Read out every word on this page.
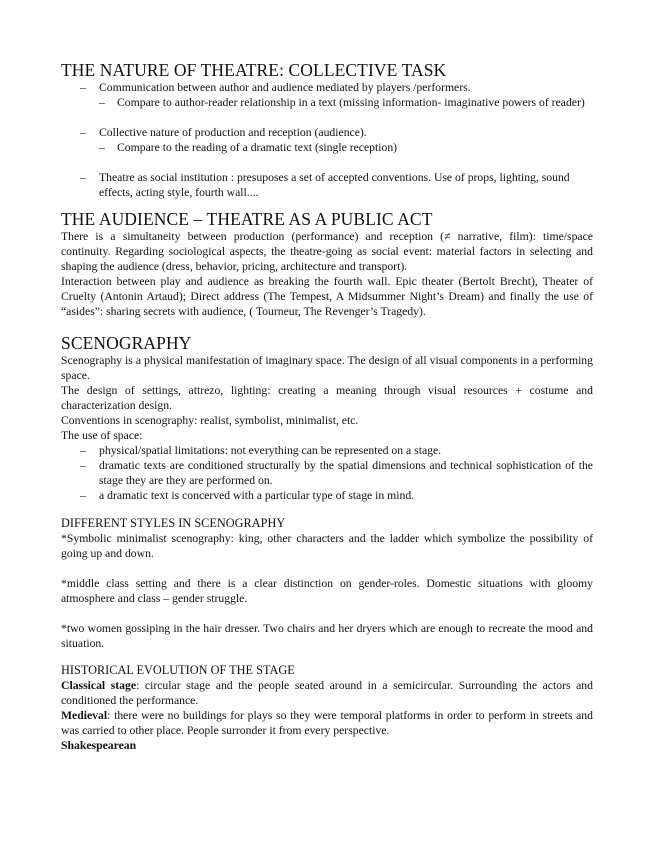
THE NATURE OF THEATRE: COLLECTIVE TASK
– Communication between author and audience mediated by players /performers.
– Compare to author-reader relationship in a text (missing information- imaginative powers of reader)
– Collective nature of production and reception (audience).
– Compare to the reading of a dramatic text (single reception)
– Theatre as social institution : presuposes a set of accepted conventions. Use of props, lighting, sound effects, acting style, fourth wall....
THE AUDIENCE – THEATRE AS A PUBLIC ACT

There is a simultaneity between production (performance) and reception (≠ narrative, film): time/space continuity. Regarding sociological aspects, the theatre-going as social event: material factors in selecting and shaping the audience (dress, behavior, pricing, architecture and transport).

Interaction between play and audience as breaking the fourth wall. Epic theater (Bertolt Brecht), Theater of Cruelty (Antonin Artaud); Direct address (The Tempest, A Midsummer Night’s Dream) and finally the use of “asides”: sharing secrets with audience, ( Tourneur, The Revenger’s Tragedy).

SCENOGRAPHY

Scenography is a physical manifestation of imaginary space. The design of all visual components in a performing space.

The design of settings, attrezo, lighting: creating a meaning through visual resources + costume and characterization design.

Conventions in scenography: realist, symbolist, minimalist, etc.

The use of space:

– physical/spatial limitations: not everything can be represented on a stage.
– dramatic texts are conditioned structurally by the spatial dimensions and technical sophistication of the stage they are they are performed on.
– a dramatic text is concerved with a particular type of stage in mind.
DIFFERENT STYLES IN SCENOGRAPHY

*Symbolic minimalist scenography: king, other characters and the ladder which symbolize the possibility of going up and down.

*middle class setting and there is a clear distinction on gender-roles. Domestic situations with gloomy atmosphere and class – gender struggle.

*two women gossiping in the hair dresser. Two chairs and her dryers which are enough to recreate the mood and situation.

HISTORICAL EVOLUTION OF THE STAGE

Classical stage: circular stage and the people seated around in a semicircular. Surrounding the actors and conditioned the performance.

Medieval: there were no buildings for plays so they were temporal platforms in order to perform in streets and was carried to other place. People surronder it from every perspective.

Shakespearean
